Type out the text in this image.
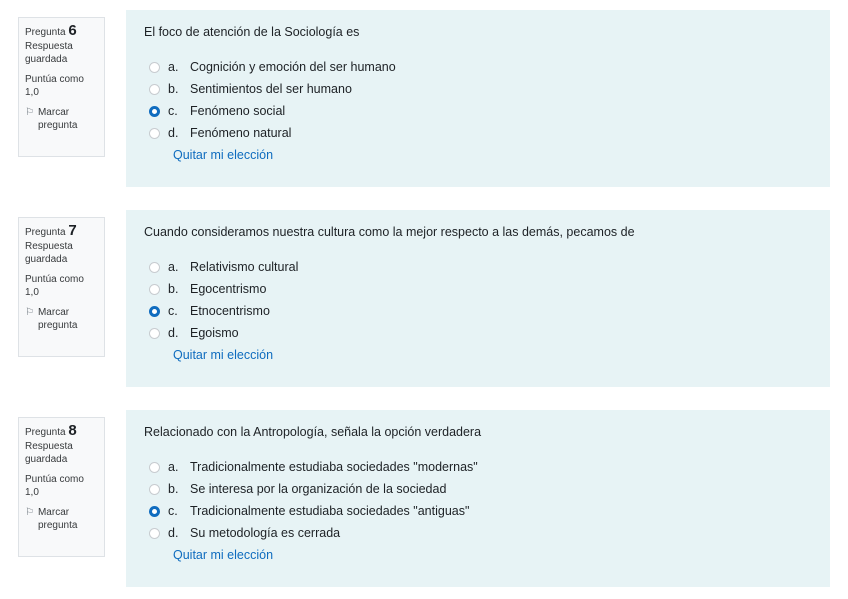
Pregunta 6
Respuesta guardada
Puntúa como 1,0
⚐ Marcar pregunta
El foco de atención de la Sociología es
a. Cognición y emoción del ser humano
b. Sentimientos del ser humano
c. Fenómeno social
d. Fenómeno natural
Quitar mi elección
Pregunta 7
Respuesta guardada
Puntúa como 1,0
⚐ Marcar pregunta
Cuando consideramos nuestra cultura como la mejor respecto a las demás, pecamos de
a. Relativismo cultural
b. Egocentrismo
c. Etnocentrismo
d. Egoismo
Quitar mi elección
Pregunta 8
Respuesta guardada
Puntúa como 1,0
⚐ Marcar pregunta
Relacionado con la Antropología, señala la opción verdadera
a. Tradicionalmente estudiaba sociedades "modernas"
b. Se interesa por la organización de la sociedad
c. Tradicionalmente estudiaba sociedades "antiguas"
d. Su metodología es cerrada
Quitar mi elección
